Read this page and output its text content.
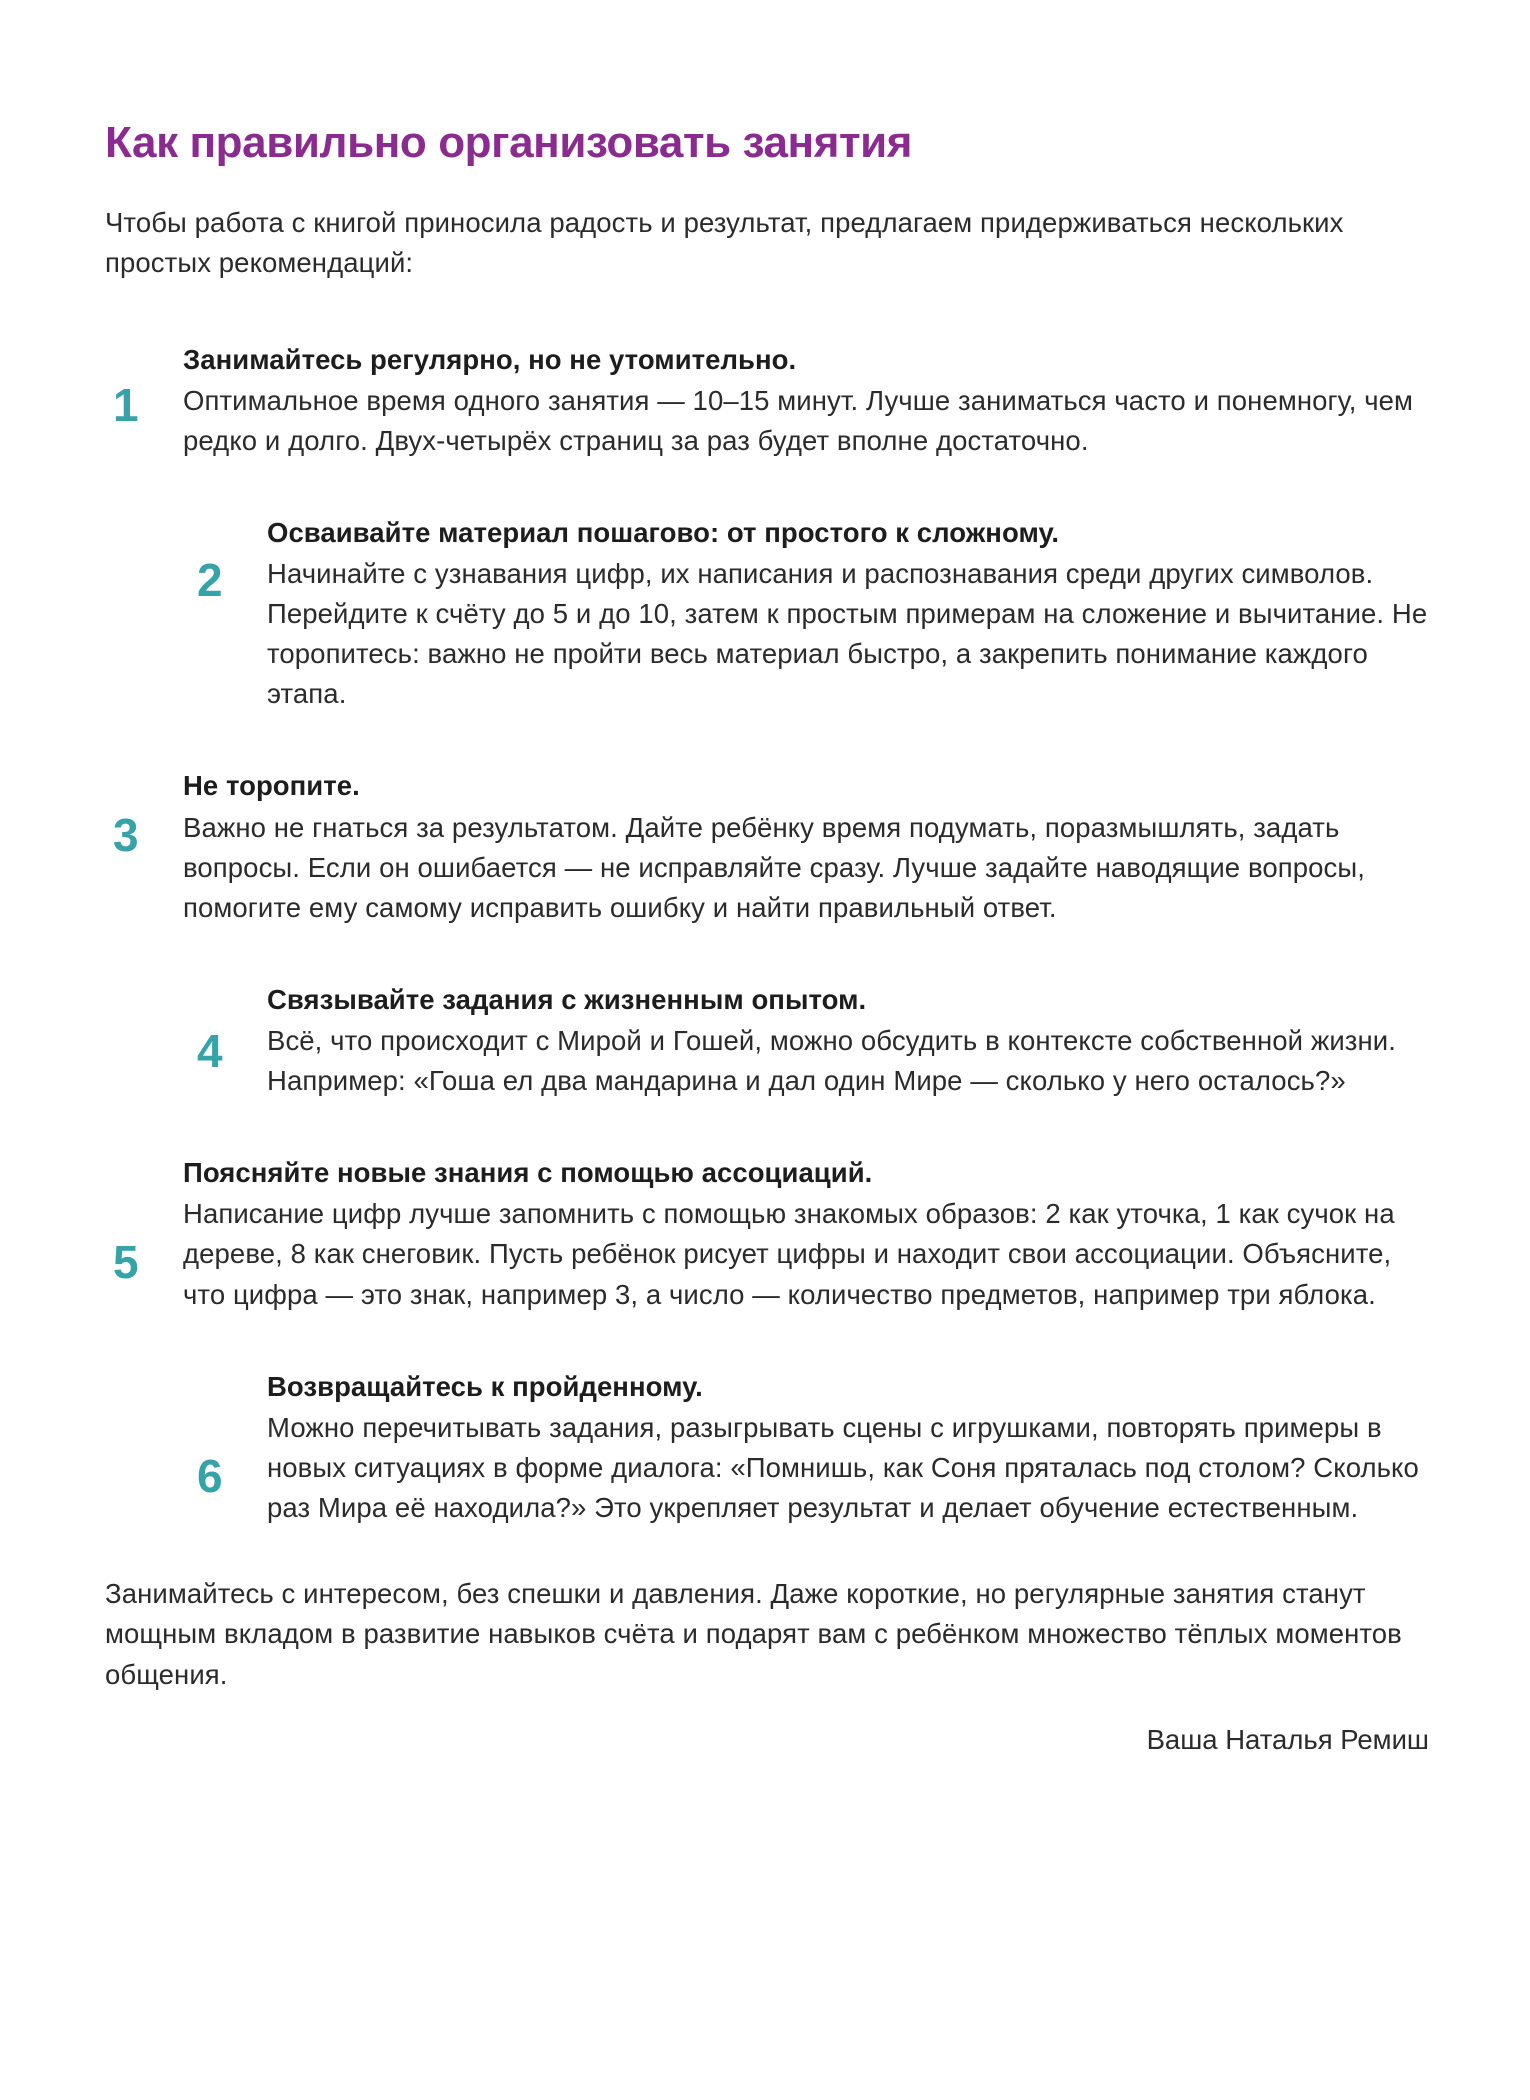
Как правильно организовать занятия

Чтобы работа с книгой приносила радость и результат, предлагаем придерживаться нескольких простых рекомендаций:

1

Занимайтесь регулярно, но не утомительно.

Оптимальное время одного занятия — 10–15 минут. Лучше заниматься часто и понемногу, чем редко и долго. Двух-четырёх страниц за раз будет вполне достаточно.

2

Осваивайте материал пошагово: от простого к сложному.

Начинайте с узнавания цифр, их написания и распознавания среди других символов. Перейдите к счёту до 5 и до 10, затем к простым примерам на сложение и вычитание. Не торопитесь: важно не пройти весь материал быстро, а закрепить понимание каждого этапа.

3

Не торопите.

Важно не гнаться за результатом. Дайте ребёнку время подумать, поразмышлять, задать вопросы. Если он ошибается — не исправляйте сразу. Лучше задайте наводящие вопросы, помогите ему самому исправить ошибку и найти правильный ответ.

4

Связывайте задания с жизненным опытом.

Всё, что происходит с Мирой и Гошей, можно обсудить в контексте собственной жизни. Например: «Гоша ел два мандарина и дал один Мире — сколько у него осталось?»

5

Поясняйте новые знания с помощью ассоциаций.

Написание цифр лучше запомнить с помощью знакомых образов: 2 как уточка, 1 как сучок на дереве, 8 как снеговик. Пусть ребёнок рисует цифры и находит свои ассоциации. Объясните, что цифра — это знак, например 3, а число — количество предметов, например три яблока.

6

Возвращайтесь к пройденному.

Можно перечитывать задания, разыгрывать сцены с игрушками, повторять примеры в новых ситуациях в форме диалога: «Помнишь, как Соня пряталась под столом? Сколько раз Мира её находила?» Это укрепляет результат и делает обучение естественным.

Занимайтесь с интересом, без спешки и давления. Даже короткие, но регулярные занятия станут мощным вкладом в развитие навыков счёта и подарят вам с ребёнком множество тёплых моментов общения.

Ваша Наталья Ремиш
